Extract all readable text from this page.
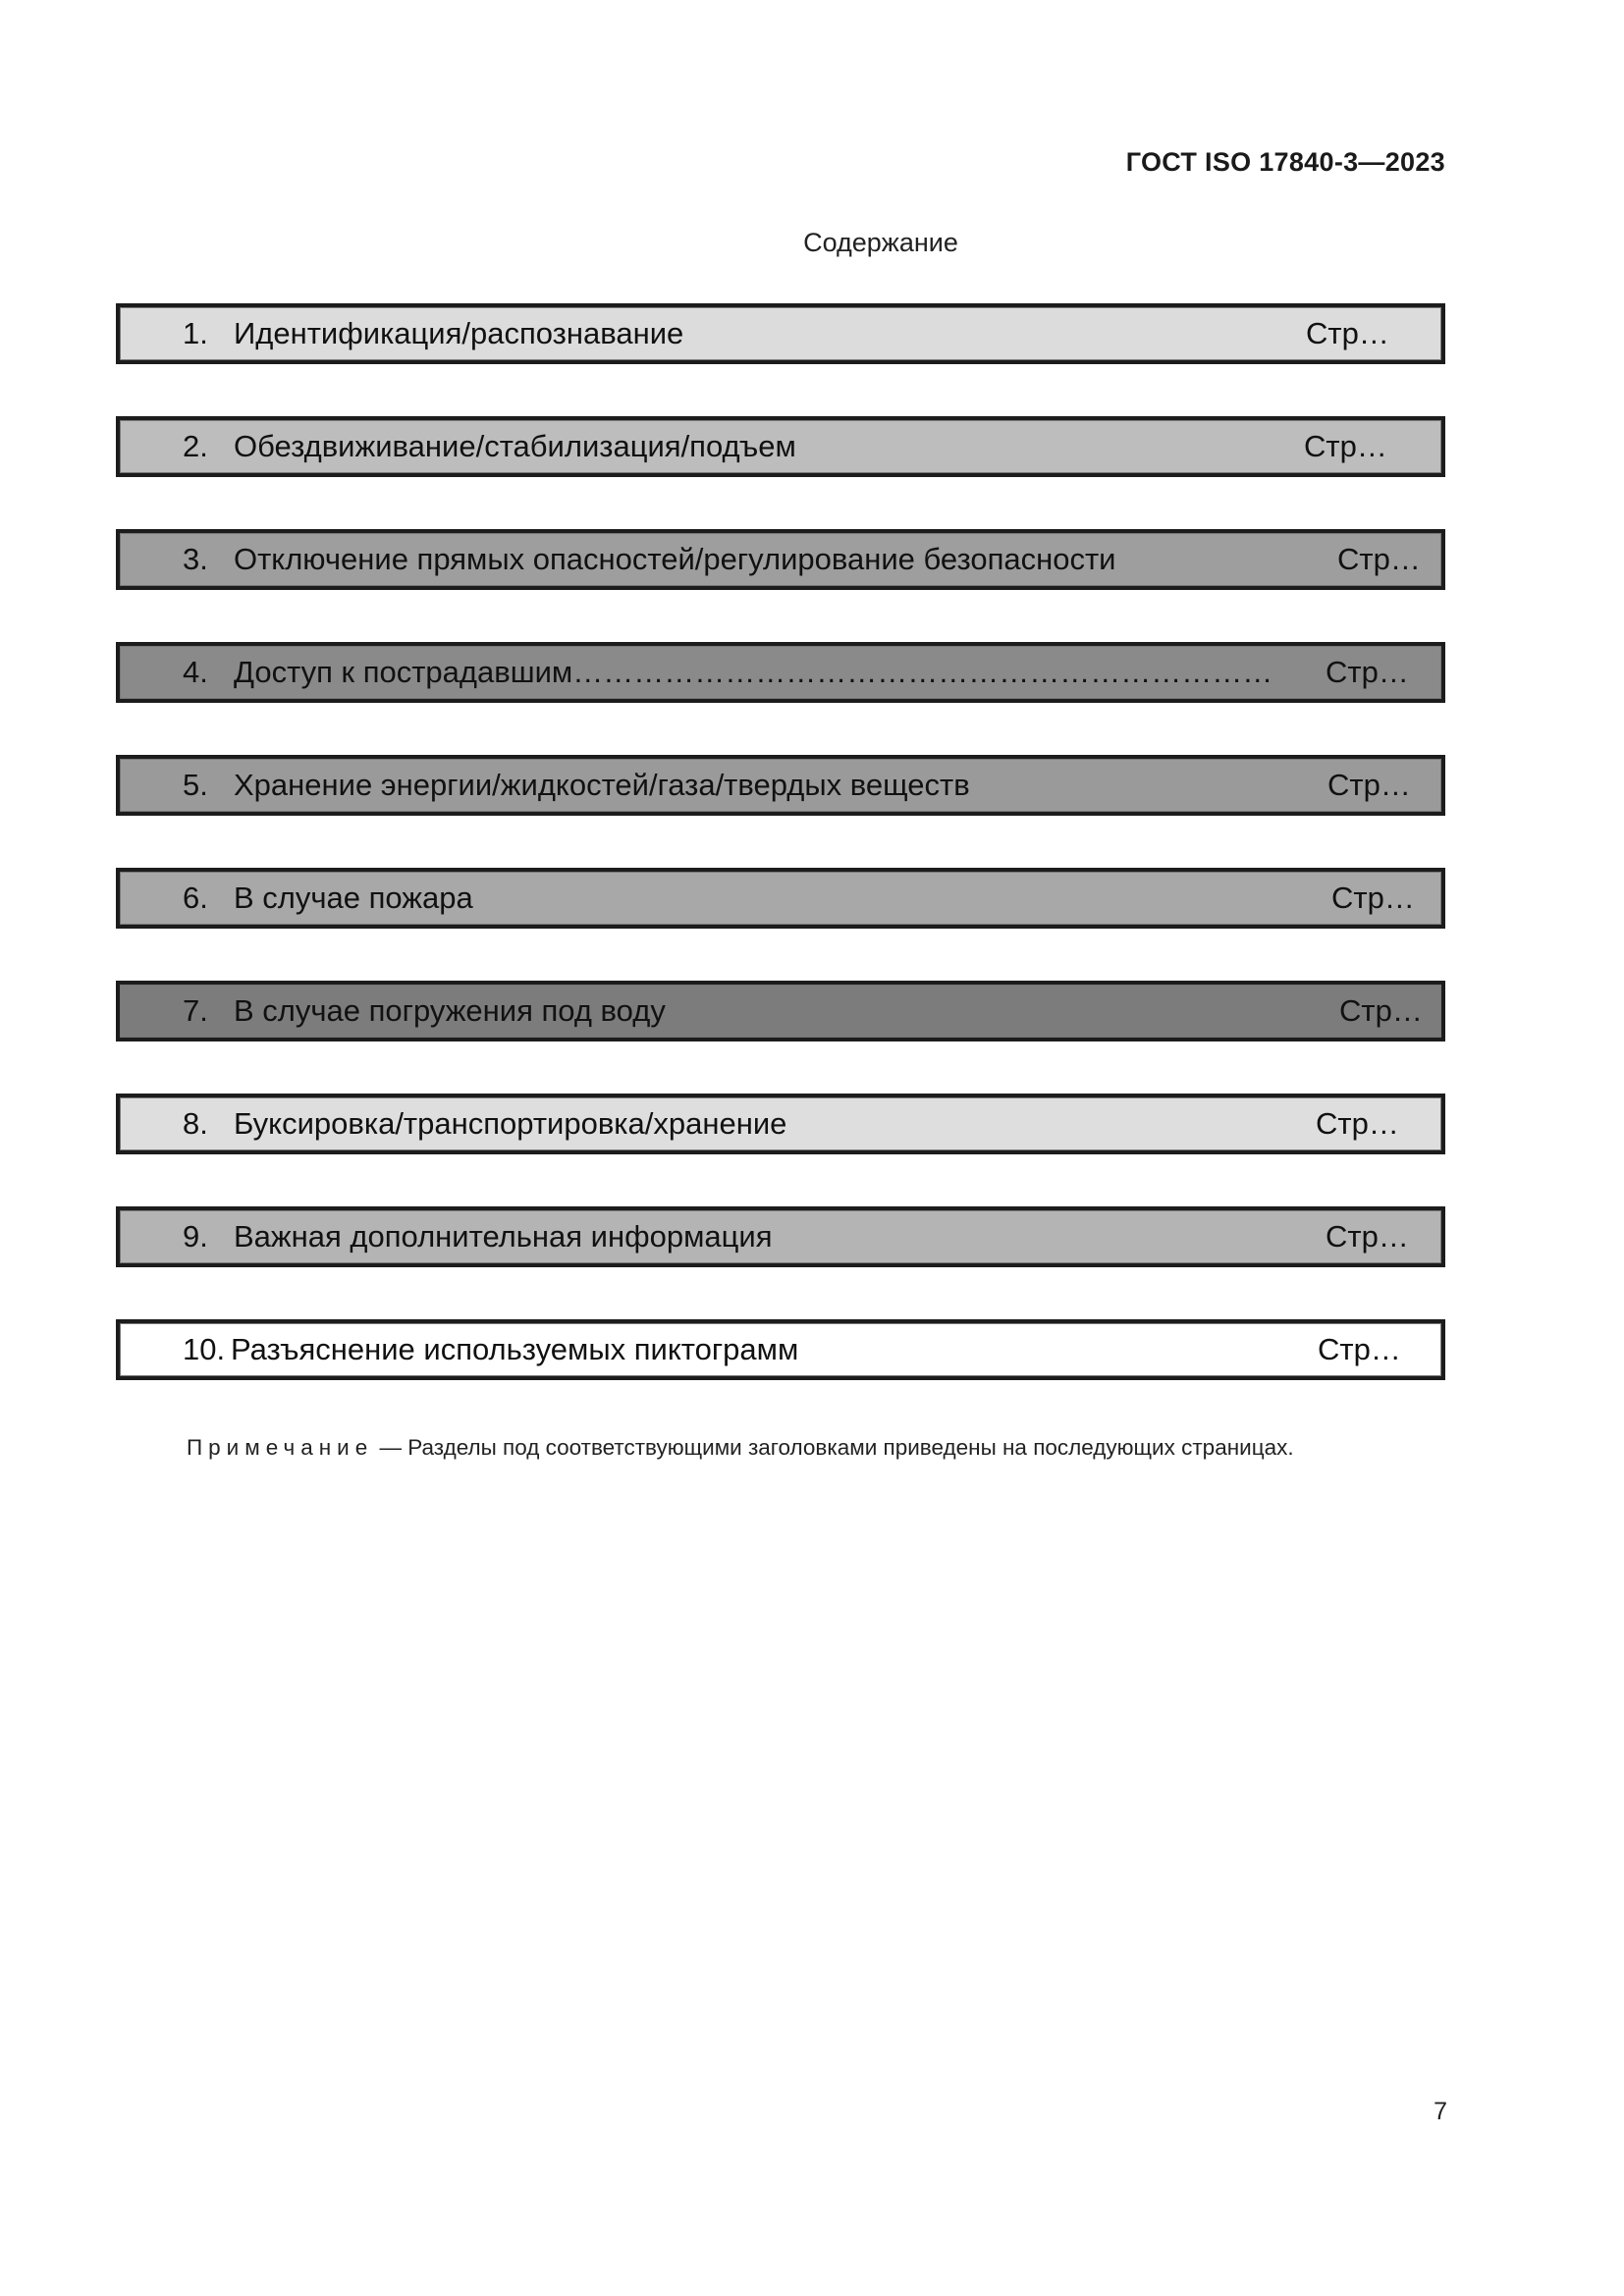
ГОСТ ISO 17840-3—2023
Содержание
1. Идентификация/распознавание	Стр…
2. Обездвиживание/стабилизация/подъем	Стр…
3. Отключение прямых опасностей/регулирование безопасности	Стр…
4. Доступ к пострадавшим…………………………………………………………… Стр…
5. Хранение энергии/жидкостей/газа/твердых веществ	Стр…
6. В случае пожара	Стр…
7. В случае погружения под воду	Стр…
8. Буксировка/транспортировка/хранение	Стр…
9. Важная дополнительная информация	Стр…
10. Разъяснение используемых пиктограмм	Стр…
Примечание — Разделы под соответствующими заголовками приведены на последующих страницах.
7
